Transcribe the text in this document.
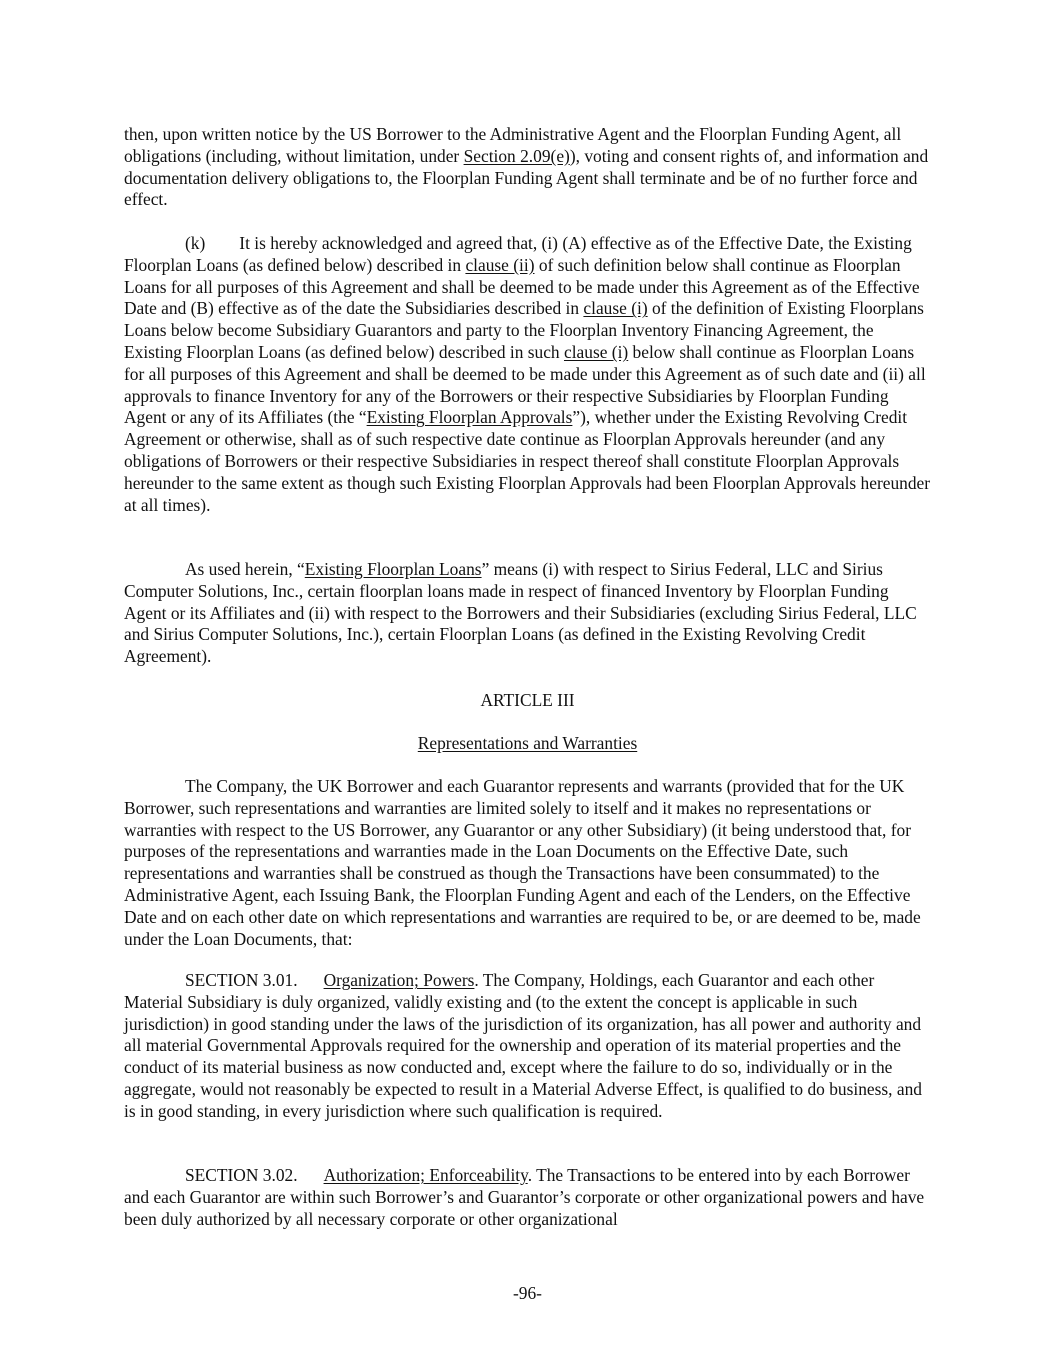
then, upon written notice by the US Borrower to the Administrative Agent and the Floorplan Funding Agent, all obligations (including, without limitation, under Section 2.09(e)), voting and consent rights of, and information and documentation delivery obligations to, the Floorplan Funding Agent shall terminate and be of no further force and effect.

(k) It is hereby acknowledged and agreed that, (i) (A) effective as of the Effective Date, the Existing Floorplan Loans (as defined below) described in clause (ii) of such definition below shall continue as Floorplan Loans for all purposes of this Agreement and shall be deemed to be made under this Agreement as of the Effective Date and (B) effective as of the date the Subsidiaries described in clause (i) of the definition of Existing Floorplans Loans below become Subsidiary Guarantors and party to the Floorplan Inventory Financing Agreement, the Existing Floorplan Loans (as defined below) described in such clause (i) below shall continue as Floorplan Loans for all purposes of this Agreement and shall be deemed to be made under this Agreement as of such date and (ii) all approvals to finance Inventory for any of the Borrowers or their respective Subsidiaries by Floorplan Funding Agent or any of its Affiliates (the “Existing Floorplan Approvals”), whether under the Existing Revolving Credit Agreement or otherwise, shall as of such respective date continue as Floorplan Approvals hereunder (and any obligations of Borrowers or their respective Subsidiaries in respect thereof shall constitute Floorplan Approvals hereunder to the same extent as though such Existing Floorplan Approvals had been Floorplan Approvals hereunder at all times).

As used herein, “Existing Floorplan Loans” means (i) with respect to Sirius Federal, LLC and Sirius Computer Solutions, Inc., certain floorplan loans made in respect of financed Inventory by Floorplan Funding Agent or its Affiliates and (ii) with respect to the Borrowers and their Subsidiaries (excluding Sirius Federal, LLC and Sirius Computer Solutions, Inc.), certain Floorplan Loans (as defined in the Existing Revolving Credit Agreement).

ARTICLE III

Representations and Warranties

The Company, the UK Borrower and each Guarantor represents and warrants (provided that for the UK Borrower, such representations and warranties are limited solely to itself and it makes no representations or warranties with respect to the US Borrower, any Guarantor or any other Subsidiary) (it being understood that, for purposes of the representations and warranties made in the Loan Documents on the Effective Date, such representations and warranties shall be construed as though the Transactions have been consummated) to the Administrative Agent, each Issuing Bank, the Floorplan Funding Agent and each of the Lenders, on the Effective Date and on each other date on which representations and warranties are required to be, or are deemed to be, made under the Loan Documents, that:

SECTION 3.01. Organization; Powers. The Company, Holdings, each Guarantor and each other Material Subsidiary is duly organized, validly existing and (to the extent the concept is applicable in such jurisdiction) in good standing under the laws of the jurisdiction of its organization, has all power and authority and all material Governmental Approvals required for the ownership and operation of its material properties and the conduct of its material business as now conducted and, except where the failure to do so, individually or in the aggregate, would not reasonably be expected to result in a Material Adverse Effect, is qualified to do business, and is in good standing, in every jurisdiction where such qualification is required.

SECTION 3.02. Authorization; Enforceability. The Transactions to be entered into by each Borrower and each Guarantor are within such Borrower’s and Guarantor’s corporate or other organizational powers and have been duly authorized by all necessary corporate or other organizational

-96-
